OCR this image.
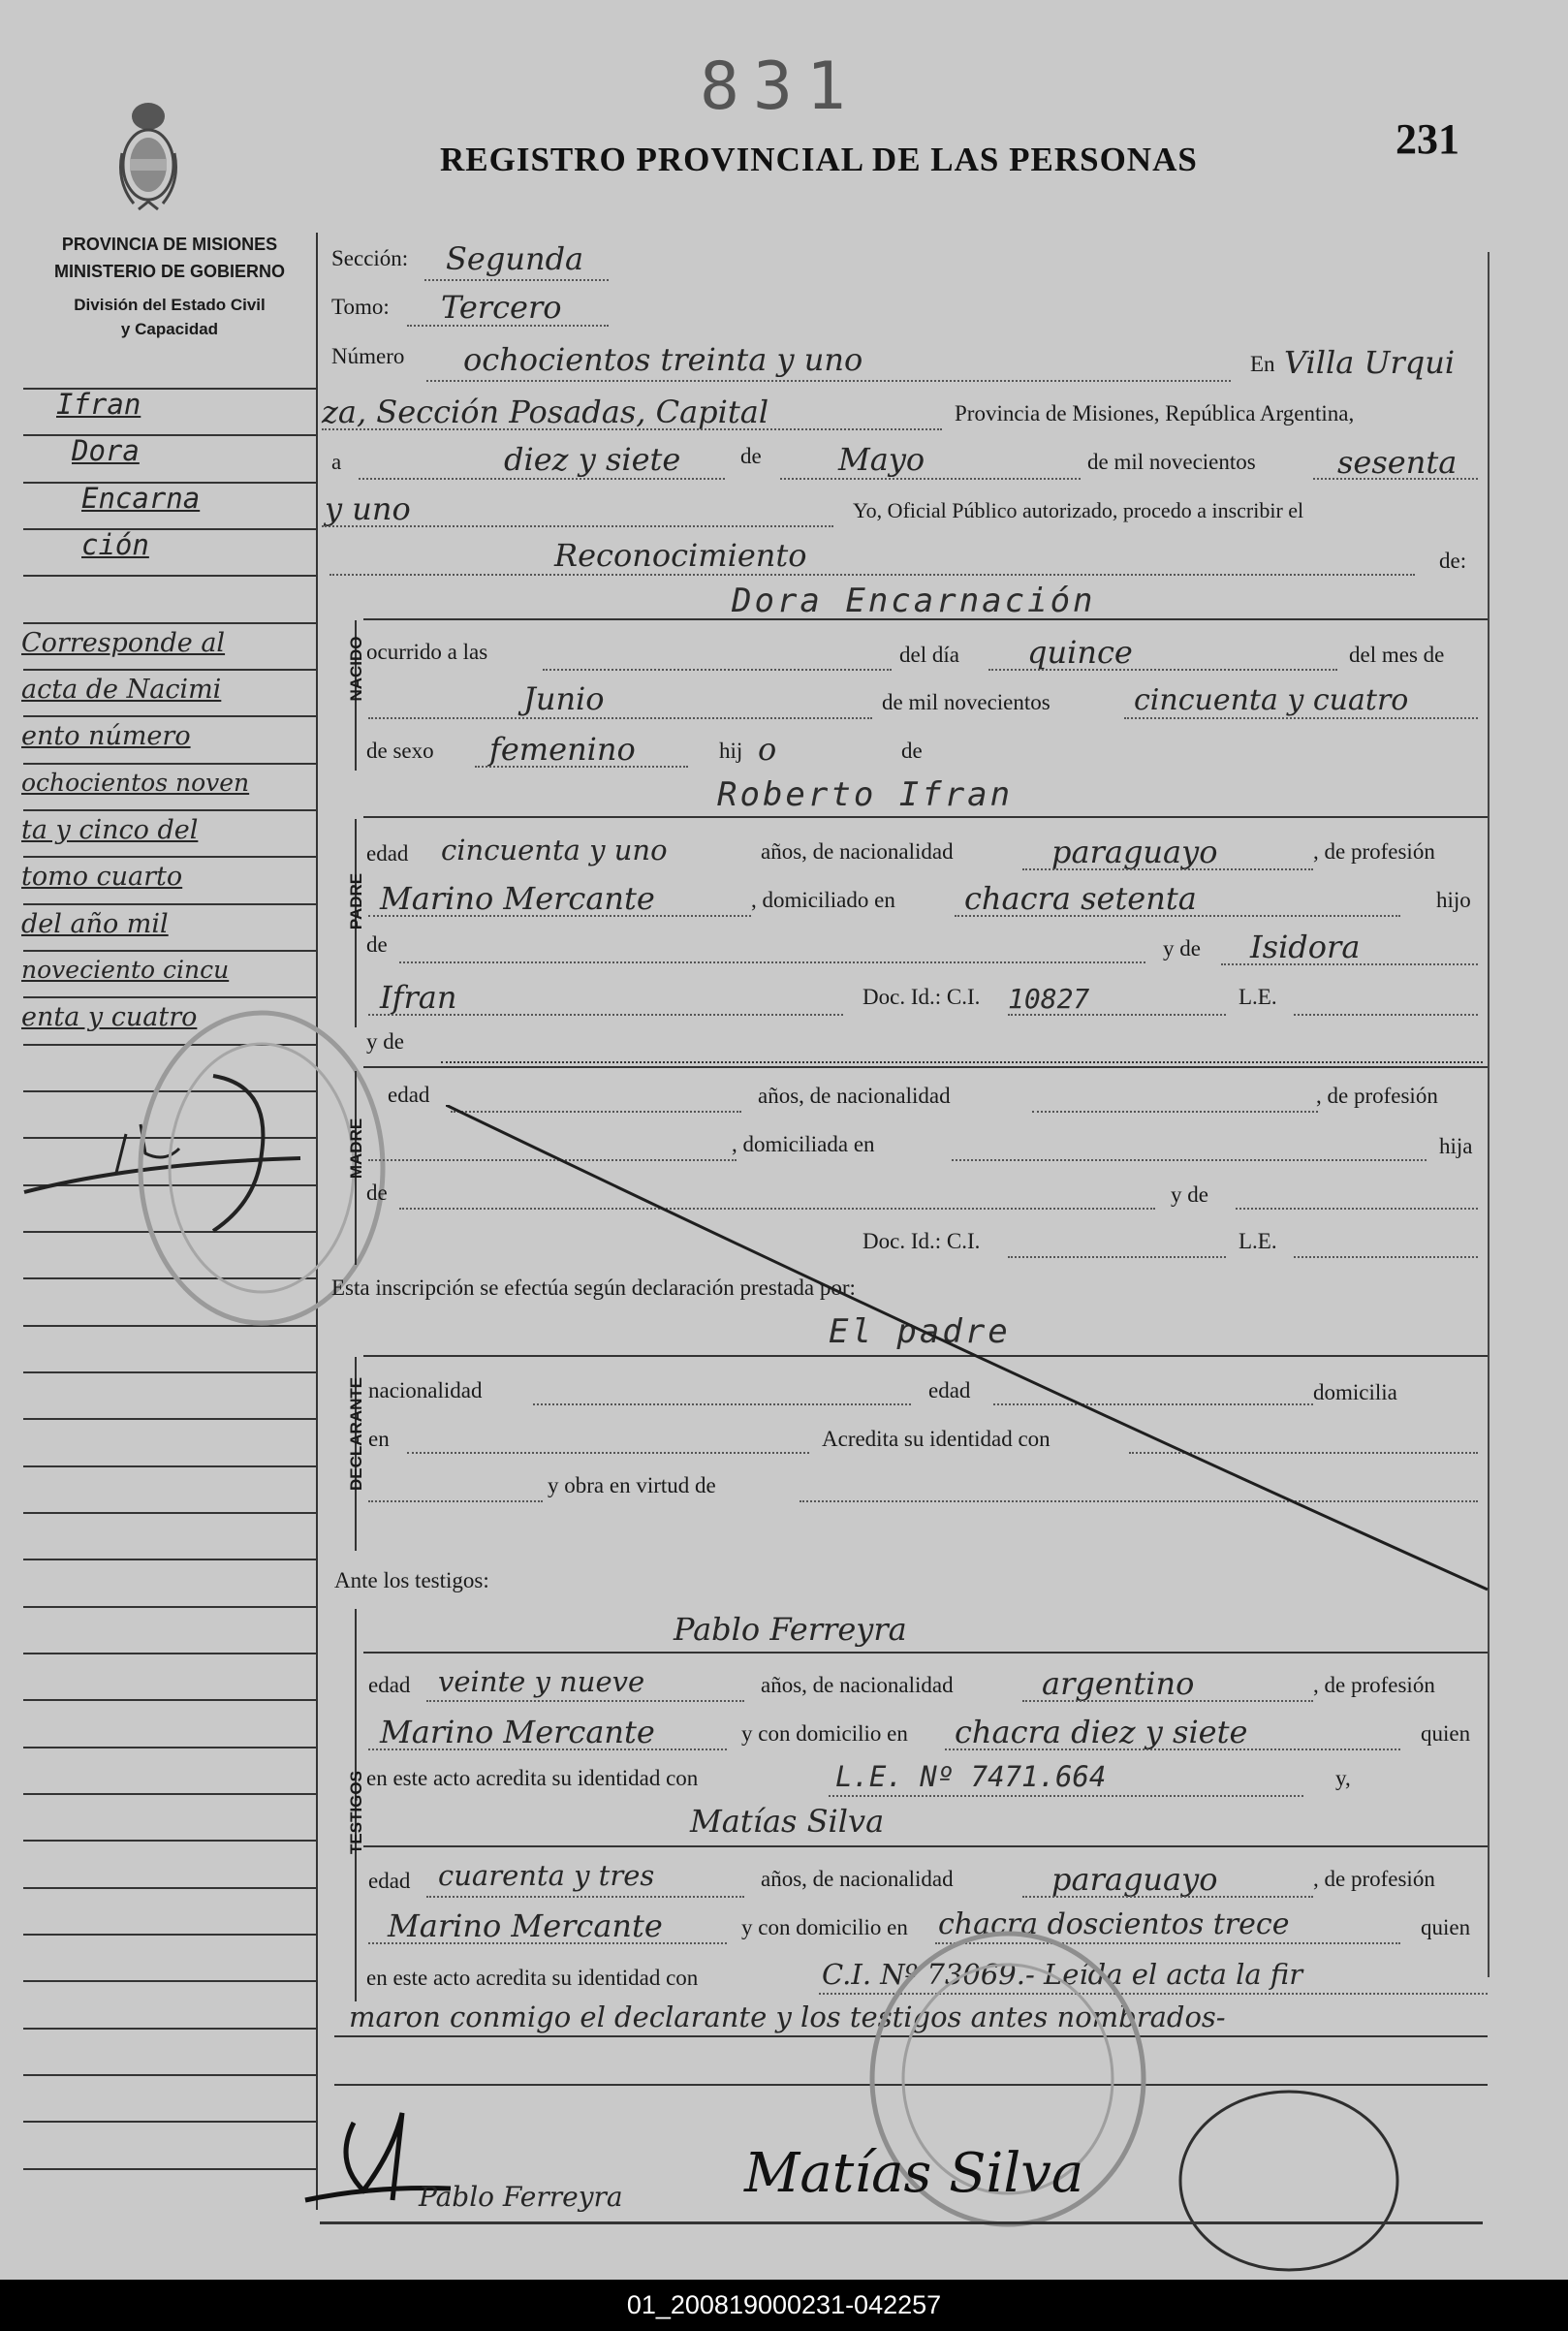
831
231
REGISTRO PROVINCIAL DE LAS PERSONAS
PROVINCIA DE MISIONES
MINISTERIO DE GOBIERNO
División del Estado Civil
y Capacidad
Ifran
Dora
Encarna
ción
Corresponde al
acta de Nacimi
ento número
ochocientos noven
ta y cinco del
tomo cuarto
del año mil
noveciento cincu
enta y cuatro
Sección: Segunda
Tomo: Tercero
Número ochocientos treinta y uno	En Villa Urqui
za, Sección Posadas, Capital	Provincia de Misiones, República Argentina,
a	diez y siete	de Mayo	de mil novecientos	sesenta
y uno	Yo, Oficial Público autorizado, procedo a inscribir el
Reconocimiento	de:
Dora Encarnación
NACIDO ocurrido a las	del día quince	del mes de
Junio	de mil novecientos	cincuenta y cuatro
de sexo femenino	hij o	de
Roberto Ifran
PADRE
edad cincuenta y uno	años, de nacionalidad	paraguayo	, de profesión
Marino Mercante	, domiciliado en chacra setenta	hijo
de	y de Isidora
Ifran	Doc. Id.: C.I. 10827	L.E.
y de
MADRE
edad	años, de nacionalidad	, de profesión
, domiciliada en	hija
de	y de
Doc. Id.: C.I.	L.E.
Esta inscripción se efectúa según declaración prestada por:
El padre
DECLARANTE nacionalidad	edad	domicilia
en	Acredita su identidad con
y obra en virtud de
Ante los testigos:
Pablo Ferreyra
TESTIGOS
edad veinte y nueve	años, de nacionalidad	argentino	, de profesión
Marino Mercante	y con domicilio en chacra diez y siete	quien
en este acto acredita su identidad con	L.E. Nº 7471.664	y,
Matías Silva
edad cuarenta y tres	años, de nacionalidad	paraguayo	, de profesión
Marino Mercante	y con domicilio en chacra doscientos trece	quien
en este acto acredita su identidad con	C.I. Nº 73069.- Leída el acta la fir
maron conmigo el declarante y los testigos antes nombrados-
Pablo Ferreyra Matías Silva
01_200819000231-042257
